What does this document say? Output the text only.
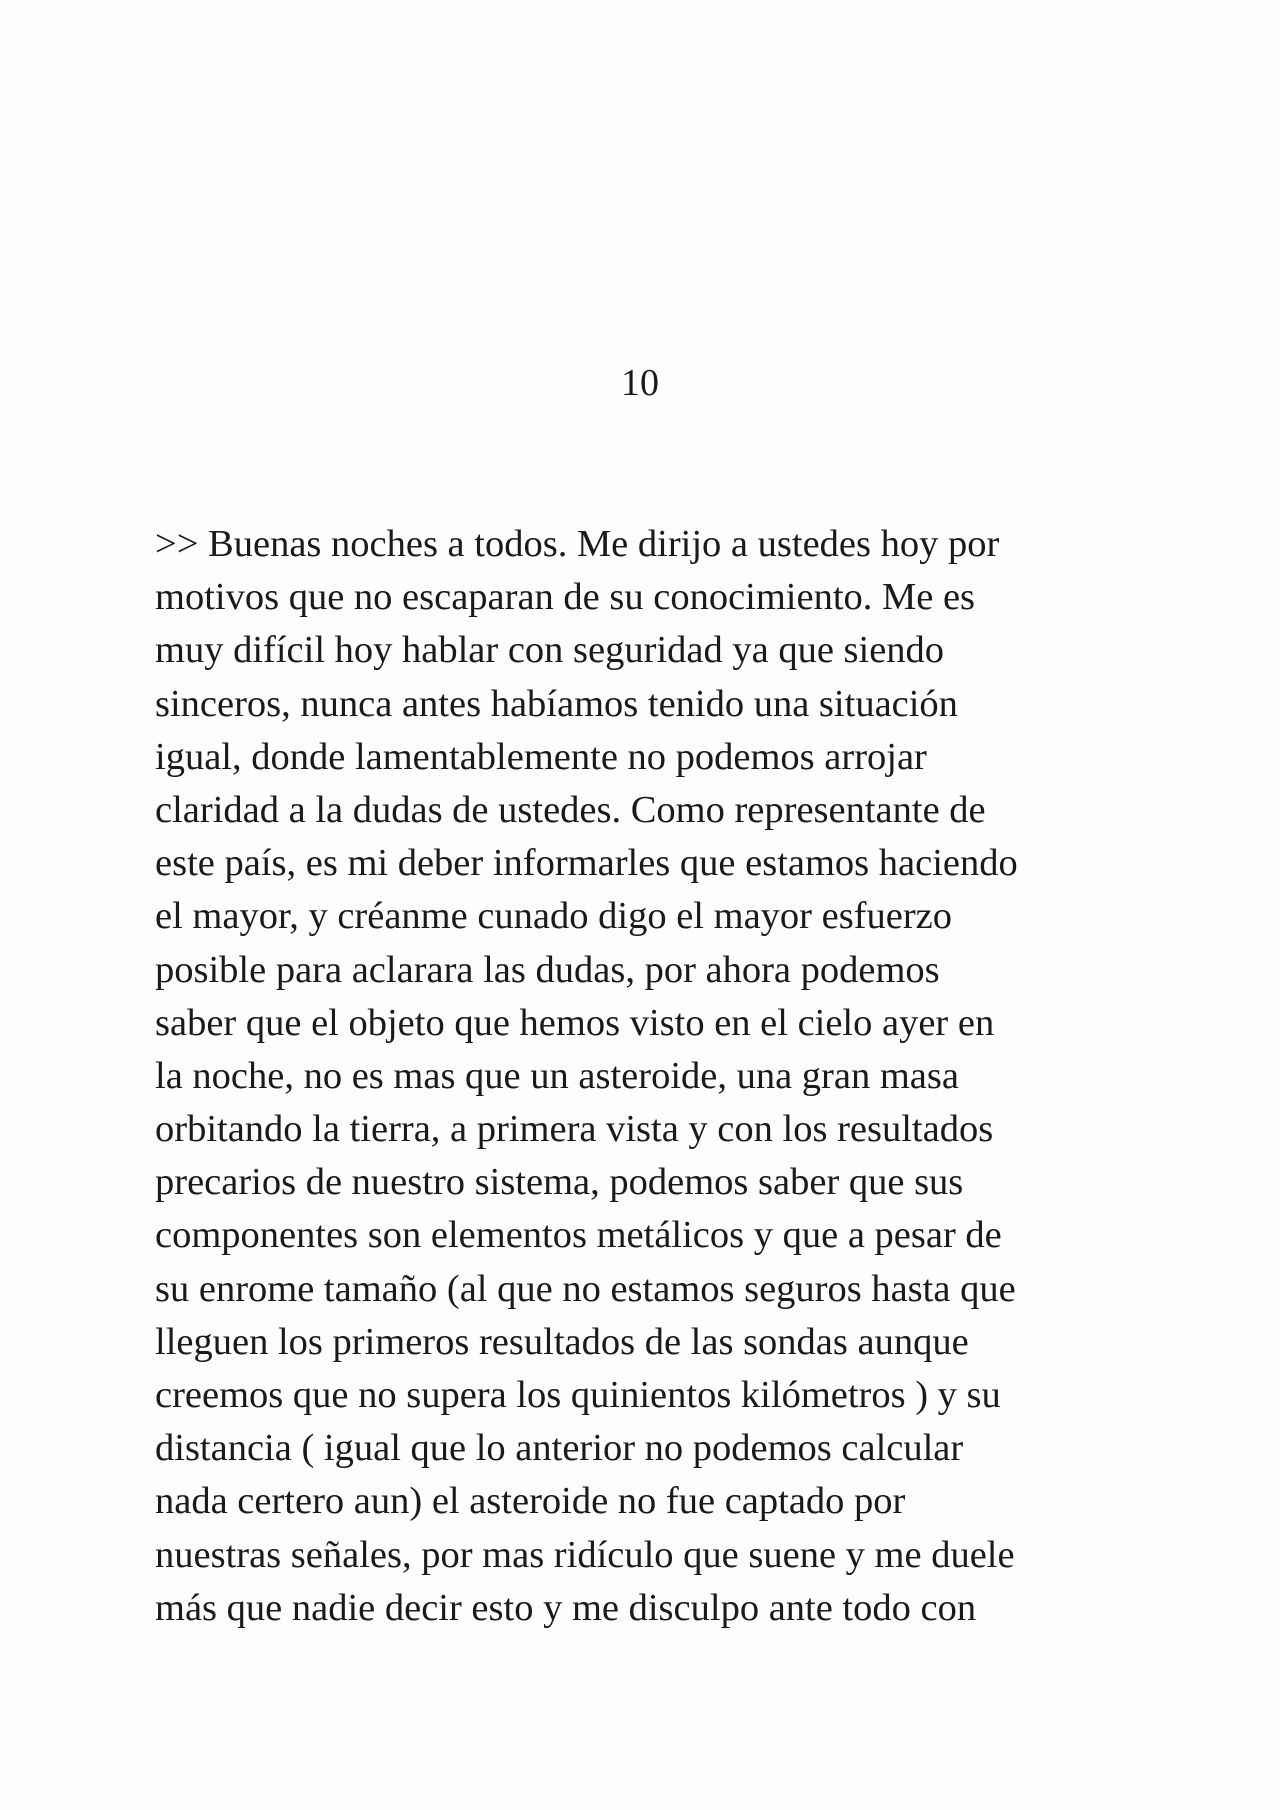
10
>> Buenas noches a todos. Me dirijo a ustedes hoy por
motivos que no escaparan de su conocimiento. Me es
muy difícil hoy hablar con seguridad ya que siendo
sinceros, nunca antes habíamos tenido una situación
igual, donde lamentablemente no podemos arrojar
claridad a la dudas de ustedes. Como representante de
este país, es mi deber informarles que estamos haciendo
el mayor, y créanme cunado digo el mayor esfuerzo
posible para aclarara las dudas, por ahora podemos
saber que el objeto que hemos visto en el cielo ayer en
la noche, no es mas que un asteroide, una gran masa
orbitando la tierra, a primera vista y con los resultados
precarios de nuestro sistema, podemos saber que sus
componentes son elementos metálicos y que a pesar de
su enrome tamaño (al que no estamos seguros hasta que
lleguen los primeros resultados de las sondas aunque
creemos que no supera los quinientos kilómetros ) y su
distancia ( igual que lo anterior no podemos calcular
nada certero aun) el asteroide no fue captado por
nuestras señales, por mas ridículo que suene y me duele
más que nadie decir esto y me disculpo ante todo con
